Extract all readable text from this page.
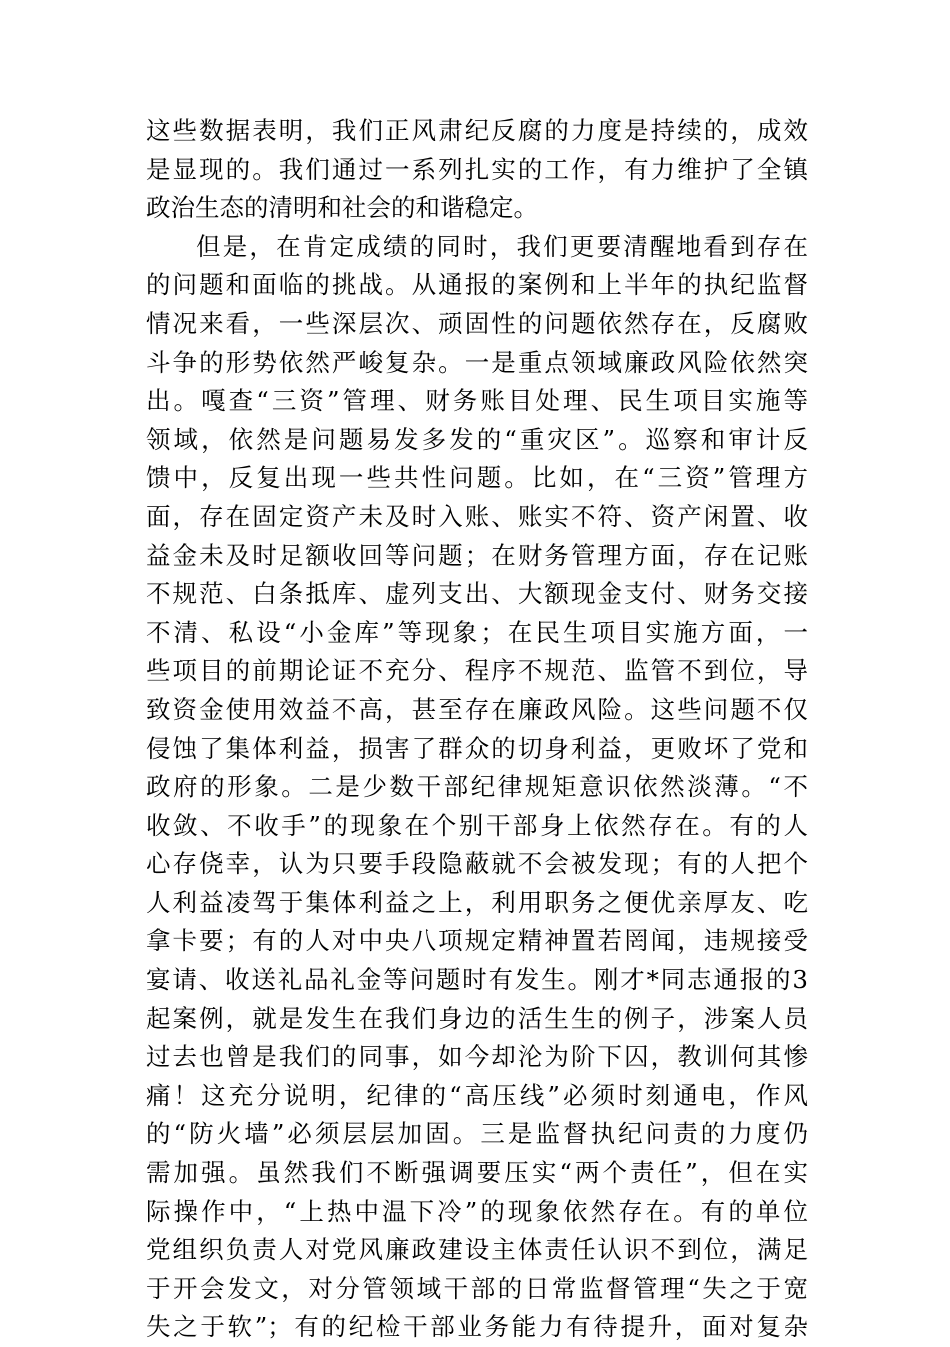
这些数据表明，我们正风肃纪反腐的力度是持续的，成效
是显现的。我们通过一系列扎实的工作，有力维护了全镇
政治生态的清明和社会的和谐稳定。
但是，在肯定成绩的同时，我们更要清醒地看到存在
的问题和面临的挑战。从通报的案例和上半年的执纪监督
情况来看，一些深层次、顽固性的问题依然存在，反腐败
斗争的形势依然严峻复杂。一是重点领域廉政风险依然突
出。嘎查“三资”管理、财务账目处理、民生项目实施等
领域，依然是问题易发多发的“重灾区”。巡察和审计反
馈中，反复出现一些共性问题。比如，在“三资”管理方
面，存在固定资产未及时入账、账实不符、资产闲置、收
益金未及时足额收回等问题；在财务管理方面，存在记账
不规范、白条抵库、虚列支出、大额现金支付、财务交接
不清、私设“小金库”等现象；在民生项目实施方面，一
些项目的前期论证不充分、程序不规范、监管不到位，导
致资金使用效益不高，甚至存在廉政风险。这些问题不仅
侵蚀了集体利益，损害了群众的切身利益，更败坏了党和
政府的形象。二是少数干部纪律规矩意识依然淡薄。“不
收敛、不收手”的现象在个别干部身上依然存在。有的人
心存侥幸，认为只要手段隐蔽就不会被发现；有的人把个
人利益凌驾于集体利益之上，利用职务之便优亲厚友、吃
拿卡要；有的人对中央八项规定精神置若罔闻，违规接受
宴请、收送礼品礼金等问题时有发生。刚才*同志通报的3
起案例，就是发生在我们身边的活生生的例子，涉案人员
过去也曾是我们的同事，如今却沦为阶下囚，教训何其惨
痛！这充分说明，纪律的“高压线”必须时刻通电，作风
的“防火墙”必须层层加固。三是监督执纪问责的力度仍
需加强。虽然我们不断强调要压实“两个责任”，但在实
际操作中，“上热中温下冷”的现象依然存在。有的单位
党组织负责人对党风廉政建设主体责任认识不到位，满足
于开会发文，对分管领域干部的日常监督管理“失之于宽
失之于软”；有的纪检干部业务能力有待提升，面对复杂
